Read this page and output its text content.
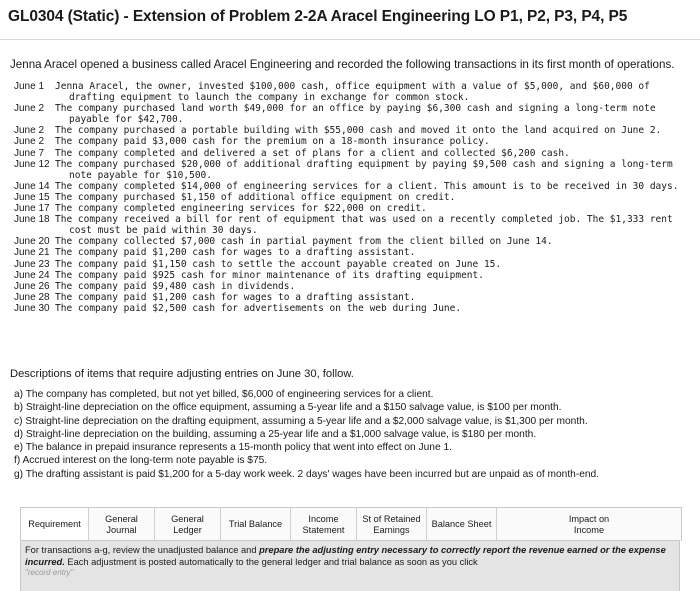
GL0304 (Static) - Extension of Problem 2-2A Aracel Engineering LO P1, P2, P3, P4, P5
Jenna Aracel opened a business called Aracel Engineering and recorded the following transactions in its first month of operations.
June 1	Jenna Aracel, the owner, invested $100,000 cash, office equipment with a value of $5,000, and $60,000 of
drafting equipment to launch the company in exchange for common stock.
June 2	The company purchased land worth $49,000 for an office by paying $6,300 cash and signing a long-term note
payable for $42,700.
June 2	The company purchased a portable building with $55,000 cash and moved it onto the land acquired on June 2.
June 2	The company paid $3,000 cash for the premium on a 18-month insurance policy.
June 7	The company completed and delivered a set of plans for a client and collected $6,200 cash.
June 12 The company purchased $20,000 of additional drafting equipment by paying $9,500 cash and signing a long-term
note payable for $10,500.
June 14 The company completed $14,000 of engineering services for a client. This amount is to be received in 30 days.
June 15 The company purchased $1,150 of additional office equipment on credit.
June 17 The company completed engineering services for $22,000 on credit.
June 18 The company received a bill for rent of equipment that was used on a recently completed job. The $1,333 rent
cost must be paid within 30 days.
June 20 The company collected $7,000 cash in partial payment from the client billed on June 14.
June 21 The company paid $1,200 cash for wages to a drafting assistant.
June 23 The company paid $1,150 cash to settle the account payable created on June 15.
June 24 The company paid $925 cash for minor maintenance of its drafting equipment.
June 26 The company paid $9,480 cash in dividends.
June 28 The company paid $1,200 cash for wages to a drafting assistant.
June 30 The company paid $2,500 cash for advertisements on the web during June.
Descriptions of items that require adjusting entries on June 30, follow.
a) The company has completed, but not yet billed, $6,000 of engineering services for a client.
b) Straight-line depreciation on the office equipment, assuming a 5-year life and a $150 salvage value, is $100 per month.
c) Straight-line depreciation on the drafting equipment, assuming a 5-year life and a $2,000 salvage value, is $1,300 per month.
d) Straight-line depreciation on the building, assuming a 25-year life and a $1,000 salvage value, is $180 per month.
e) The balance in prepaid insurance represents a 15-month policy that went into effect on June 1.
f) Accrued interest on the long-term note payable is $75.
g) The drafting assistant is paid $1,200 for a 5-day work week. 2 days' wages have been incurred but are unpaid as of month-end.
Requirement
General
Journal
General
Ledger
Trial Balance
Income
Statement
St of Retained
Earnings
Balance Sheet
Impact on
Income
For transactions a-g, review the unadjusted balance and prepare the adjusting entry necessary to correctly report the revenue earned or the expense incurred. Each adjustment is posted automatically to the general ledger and trial balance as soon as you click
"record entry"
